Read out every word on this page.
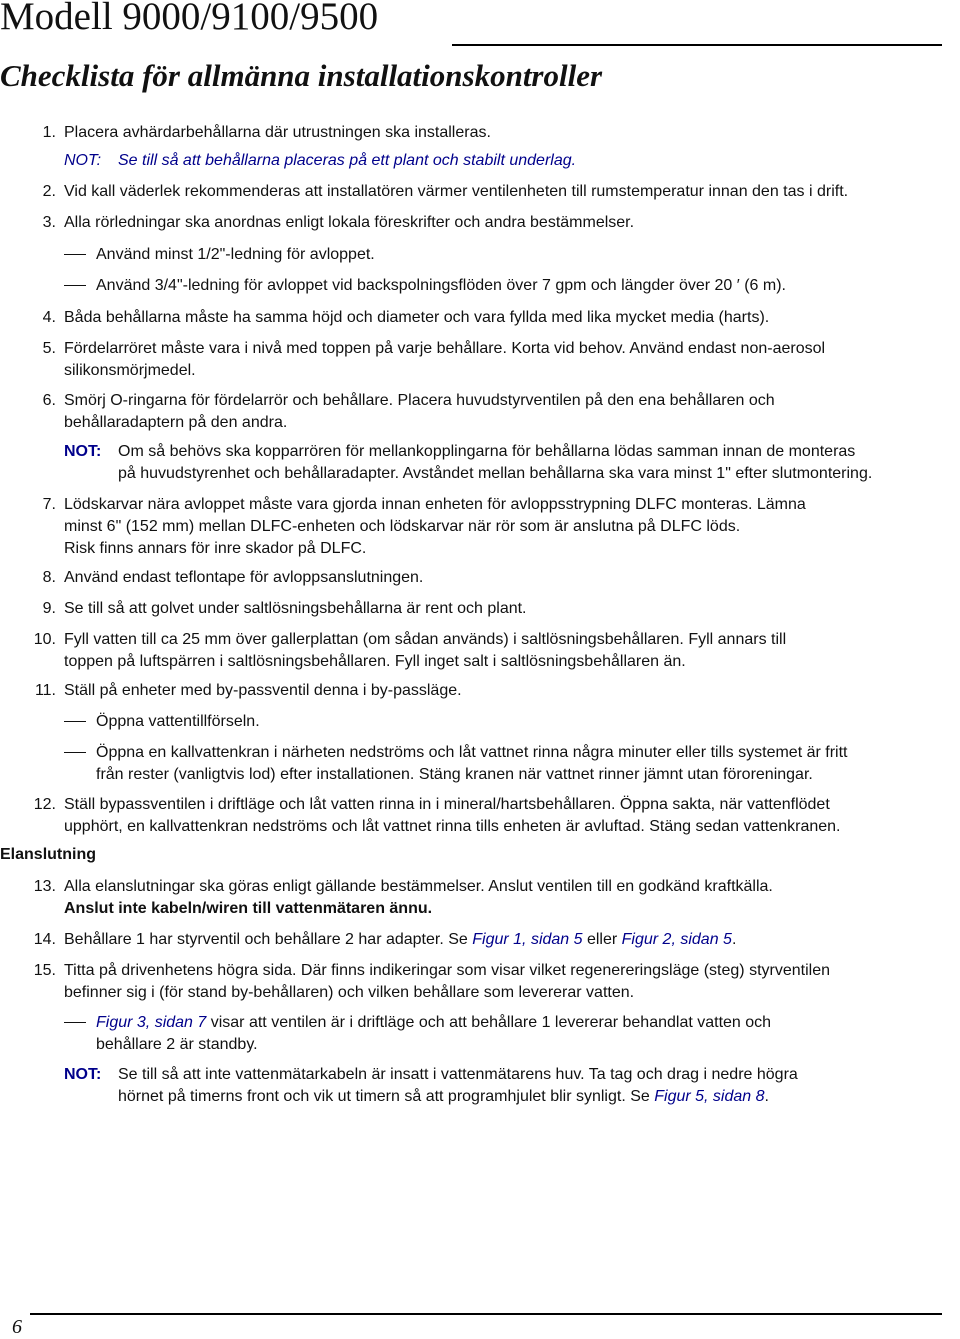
Modell 9000/9100/9500
Checklista för allmänna installationskontroller
1. Placera avhärdarbehållarna där utrustningen ska installeras.
NOT: Se till så att behållarna placeras på ett plant och stabilt underlag.
2. Vid kall väderlek rekommenderas att installatören värmer ventilenheten till rumstemperatur innan den tas i drift.
3. Alla rörledningar ska anordnas enligt lokala föreskrifter och andra bestämmelser.
Använd minst 1/2"-ledning för avloppet.
Använd 3/4"-ledning för avloppet vid backspolningsflöden över 7 gpm och längder över 20 ′ (6 m).
4. Båda behållarna måste ha samma höjd och diameter och vara fyllda med lika mycket media (harts).
5. Fördelarröret måste vara i nivå med toppen på varje behållare. Korta vid behov. Använd endast non-aerosol
silikonsmörjmedel.
6. Smörj O-ringarna för fördelarrör och behållare. Placera huvudstyrventilen på den ena behållaren och
behållaradaptern på den andra.
NOT: Om så behövs ska kopparrören för mellankopplingarna för behållarna lödas samman innan de monteras
på huvudstyrenhet och behållaradapter. Avståndet mellan behållarna ska vara minst 1" efter slutmontering.
7. Lödskarvar nära avloppet måste vara gjorda innan enheten för avloppsstrypning DLFC monteras. Lämna
minst 6" (152 mm) mellan DLFC-enheten och lödskarvar när rör som är anslutna på DLFC löds.
Risk finns annars för inre skador på DLFC.
8. Använd endast teflontape för avloppsanslutningen.
9. Se till så att golvet under saltlösningsbehållarna är rent och plant.
10. Fyll vatten till ca 25 mm över gallerplattan (om sådan används) i saltlösningsbehållaren. Fyll annars till
toppen på luftspärren i saltlösningsbehållaren. Fyll inget salt i saltlösningsbehållaren än.
11. Ställ på enheter med by-passventil denna i by-passläge.
Öppna vattentillförseln.
Öppna en kallvattenkran i närheten nedströms och låt vattnet rinna några minuter eller tills systemet är fritt
från rester (vanligtvis lod) efter installationen. Stäng kranen när vattnet rinner jämnt utan föroreningar.
12. Ställ bypassventilen i driftläge och låt vatten rinna in i mineral/hartsbehållaren. Öppna sakta, när vattenflödet
upphört, en kallvattenkran nedströms och låt vattnet rinna tills enheten är avluftad. Stäng sedan vattenkranen.
Elanslutning
13. Alla elanslutningar ska göras enligt gällande bestämmelser. Anslut ventilen till en godkänd kraftkälla.
Anslut inte kabeln/wiren till vattenmätaren ännu.
14. Behållare 1 har styrventil och behållare 2 har adapter. Se Figur 1, sidan 5 eller Figur 2, sidan 5.
15. Titta på drivenhetens högra sida. Där finns indikeringar som visar vilket regenereringsläge (steg) styrventilen
befinner sig i (för stand by-behållaren) och vilken behållare som levererar vatten.
Figur 3, sidan 7 visar att ventilen är i driftläge och att behållare 1 levererar behandlat vatten och
behållare 2 är standby.
NOT: Se till så att inte vattenmätarkabeln är insatt i vattenmätarens huv. Ta tag och drag i nedre högra
hörnet på timerns front och vik ut timern så att programhjulet blir synligt. Se Figur 5, sidan 8.
6
